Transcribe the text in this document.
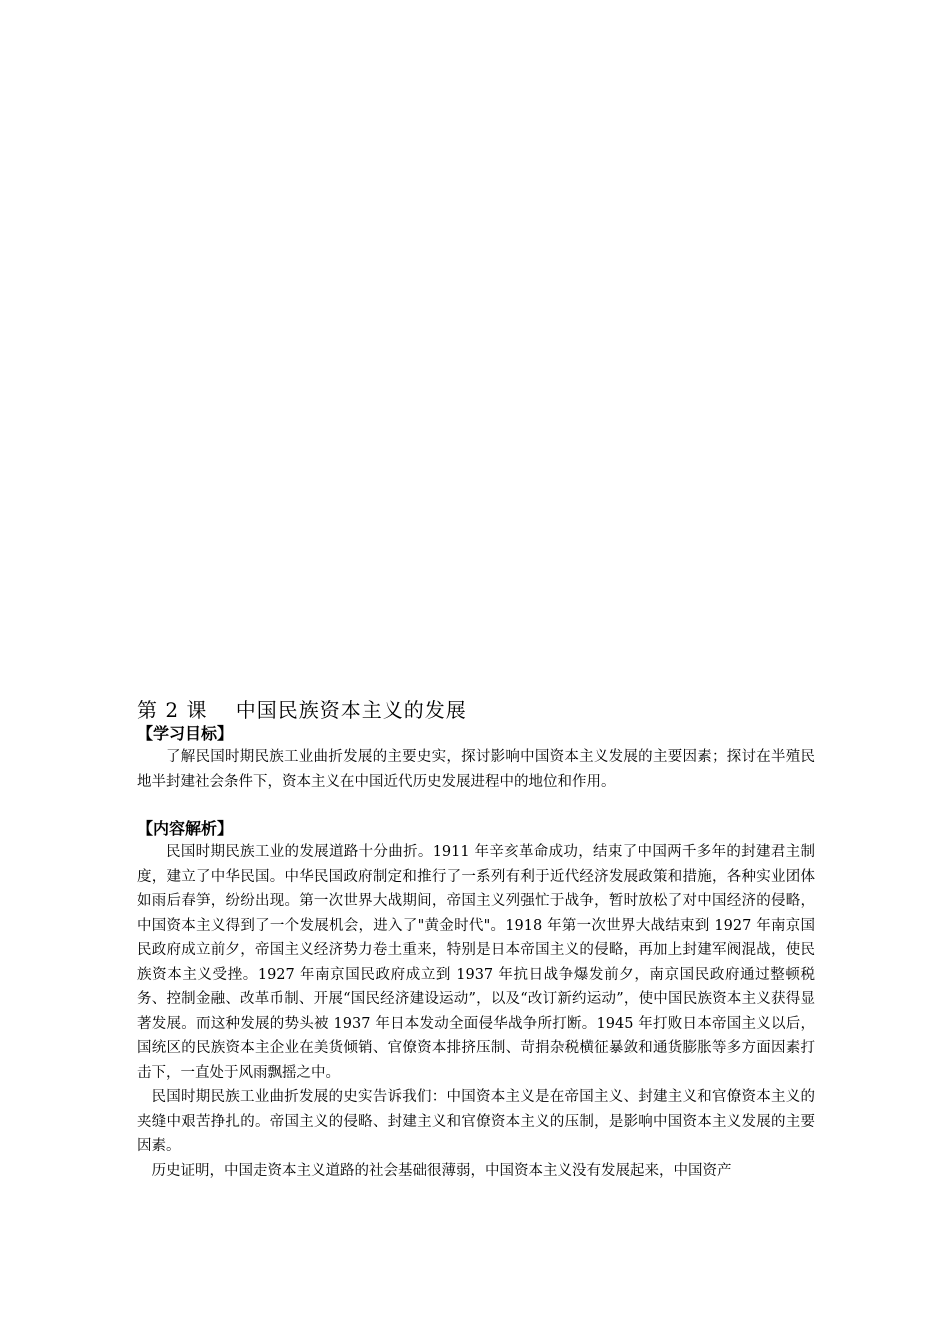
第 2 课　 中国民族资本主义的发展
【学习目标】

了解民国时期民族工业曲折发展的主要史实，探讨影响中国资本主义发展的主要因素；探讨在半殖民地半封建社会条件下，资本主义在中国近代历史发展进程中的地位和作用。

【内容解析】

民国时期民族工业的发展道路十分曲折。1911 年辛亥革命成功，结束了中国两千多年的封建君主制度，建立了中华民国。中华民国政府制定和推行了一系列有利于近代经济发展政策和措施，各种实业团体如雨后春笋，纷纷出现。第一次世界大战期间，帝国主义列强忙于战争，暂时放松了对中国经济的侵略，中国资本主义得到了一个发展机会，进入了"黄金时代"。1918 年第一次世界大战结束到 1927 年南京国民政府成立前夕，帝国主义经济势力卷土重来，特别是日本帝国主义的侵略，再加上封建军阀混战，使民族资本主义受挫。1927 年南京国民政府成立到 1937 年抗日战争爆发前夕，南京国民政府通过整顿税务、控制金融、改革币制、开展“国民经济建设运动”，以及“改订新约运动”，使中国民族资本主义获得显著发展。而这种发展的势头被 1937 年日本发动全面侵华战争所打断。1945 年打败日本帝国主义以后，国统区的民族资本主企业在美货倾销、官僚资本排挤压制、苛捐杂税横征暴敛和通货膨胀等多方面因素打击下，一直处于风雨飘摇之中。

民国时期民族工业曲折发展的史实告诉我们：中国资本主义是在帝国主义、封建主义和官僚资本主义的夹缝中艰苦挣扎的。帝国主义的侵略、封建主义和官僚资本主义的压制，是影响中国资本主义发展的主要因素。

历史证明，中国走资本主义道路的社会基础很薄弱，中国资本主义没有发展起来，中国资产
